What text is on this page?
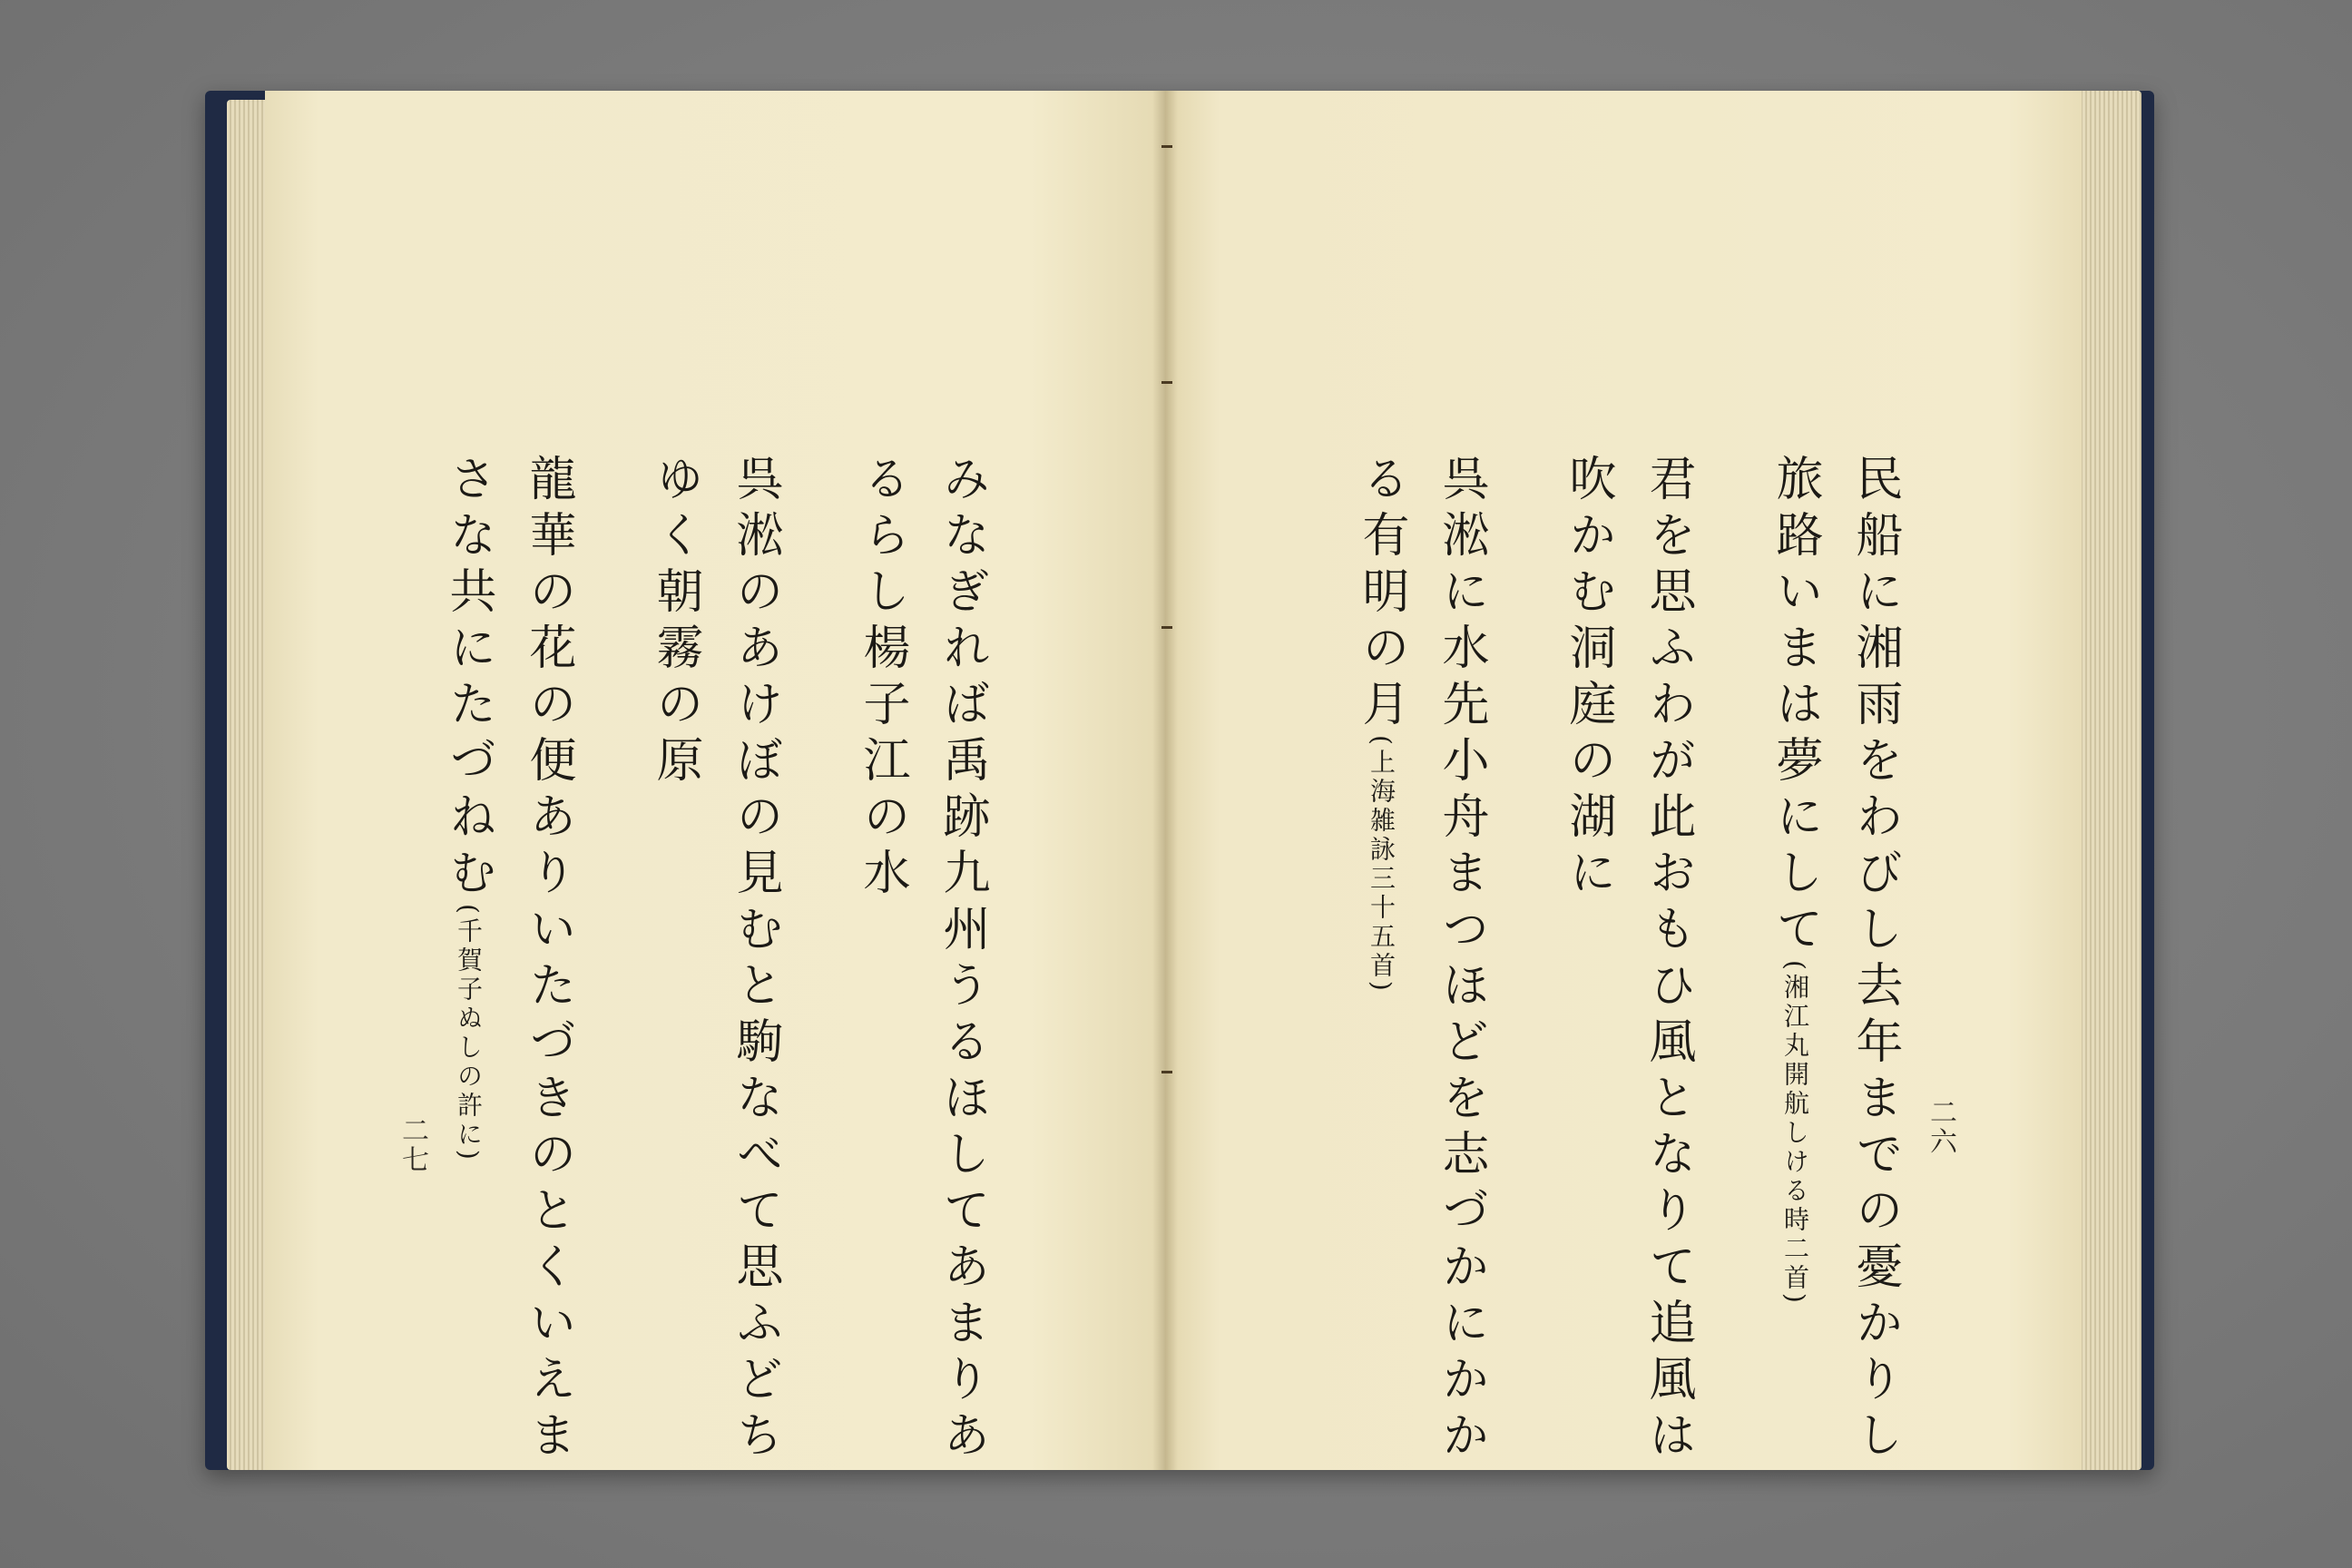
民船に湘雨をわびし去年までの憂かりし
旅路いまは夢にして(湘江丸開航しける時二首)
君を思ふわが此おもひ風となりて追風は
吹かむ洞庭の湖に
呉淞に水先小舟まつほどを志づかにかか
る有明の月(上海雑詠三十五首)
二六
みなぎれば禹跡九州うるほしてあまりあ
るらし楊子江の水
呉淞のあけぼの見むと駒なべて思ふどち
ゆく朝霧の原
龍華の花の便ありいたづきのとくいえま
さな共にたづねむ(千賀子ぬしの許に)
二七
